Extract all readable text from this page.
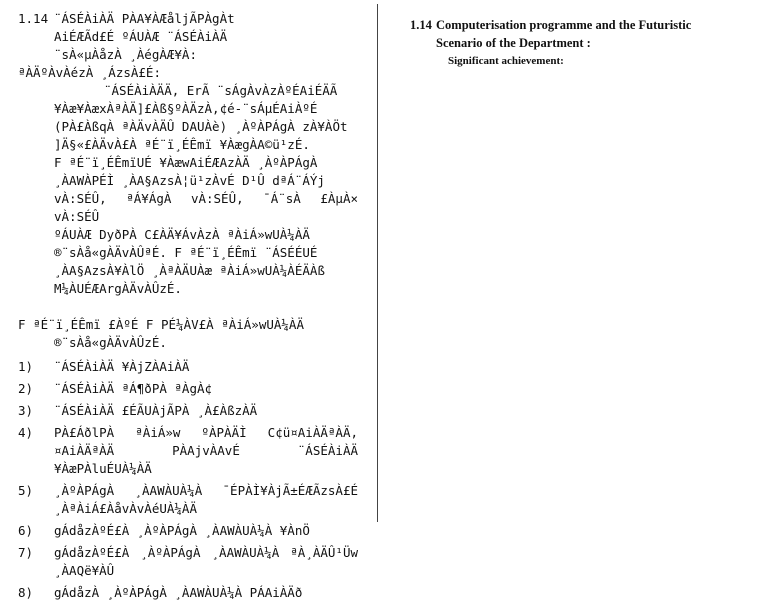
1.14 ¨ÁSÉÀiÀÄ PÀA¥ÀÆåljÃPÀgÀt
AiÉÆÃd£É ºÁUÀÆ ¨ÁSÉÀiÀÄ
¨sÀ«µÀåzÀ ¸ÀégÀÆ¥À:
ªÀÄºÀvÀézÀ ¸ÁzsÀ£É:
¨ÁSÉÀiÀÄÄ, ErÃ ¨sÁgÀvÀzÀºÉAiÉÄÃ
¥Àæ¥ÀæxÀªÀÄ]£Àß§ºÀÄzÀ,¢é-¨sÁµÉAiÀºÉ
(PÀ£ÀßqÀ ªÀÄvÀÄÛ DAUÀè) ¸ÀºÀPÁgÀ zÀ¥ÀÖt
]Ä§«£ÀÄvÀ£À ªÉ¨ï¸ÉÊmï ¥ÀægÀA©ü¹zÉ.
F ªÉ¨ï¸ÉÊmïUÉ ¥ÀæwAiÉÆAzÀÄ ¸ÀºÀPÁgÀ
¸ÀAWÀPÉÌ ¸ÀA§AzsÀ¦ü¹zÀvÉ D¹Û dªÁ¨ÁÝj
vÀ:SÉÛ, ªÁ¥ÁgÀ vÀ:SÉÛ, ¯Á¨sÀ £ÀµÀ× vÀ:SÉÛ
ºÁUÀÆ DyðPÀ C£ÀÄ¥ÁvÀzÀ ªÀiÁ»wUÀ¼ÀÄ
®¨sÀå«gÀÄvÀÛªÉ. F ªÉ¨ï¸ÉÊmï ¨ÁSÉÉUÉ
¸ÀA§AzsÀ¥ÀlÖ ¸ÀªÀÄUÀæ ªÀiÁ»wUÀ¼ÀÉÄÀß
M¼ÀUÉÆArgÀÄvÀÛzÉ.
F ªÉ¨ï¸ÉÊmï £ÀºÉ F PÉ¼ÀV£À ªÀiÁ»wUÀ¼ÀÄ
®¨sÀå«gÀÄvÀÛzÉ.
1)	¨ÁSÉÀiÀÄ ¥ÀjZÀAiÀÄ
2)	¨ÁSÉÀiÀÄ ªÁ¶ðPÀ ªÀgÀ¢
3)	¨ÁSÉÀiÀÄ £ÉÃUÀjÃPÀ ¸À£ÀßzÀÄ
4)	PÀ£ÁðlPÀ ªÀiÁ»w ºÀPÀÄÌ C¢ü¤AiÀÄªÀÄ, ¤AiÀÄªÀÄ PÀAjvÀAvÉ ¨ÁSÉÀiÀÄ ¥ÀæPÀluÉUÀ¼ÀÄ
5)	¸ÀºÀPÁgÀ ¸ÀAWÀUÀ¼À ¯ÉPÀÌ¥ÀjÃ±ÉÆÃzsÀ£É ¸ÀªÀiÁ£ÀåvÀvÀéUÀ¼ÀÄ
6)	gÁdåzÀºÉ£À ¸ÀºÀPÁgÀ ¸ÀAWÀUÀ¼À ¥ÀnÖ
7)	gÁdåzÀºÉ£À ¸ÀºÀPÁgÀ ¸ÀAWÀUÀ¼À ªÀ¸ÀÄÛ¹Üw ¸ÀAQë¥ÀÛ
8)	gÁdåzÀ ¸ÀºÀPÁgÀ ¸ÀAWÀUÀ¼À PÁAiÀÄð
1.14 Computerisation programme and the Futuristic
Scenario of the Department :
Significant achievement:
